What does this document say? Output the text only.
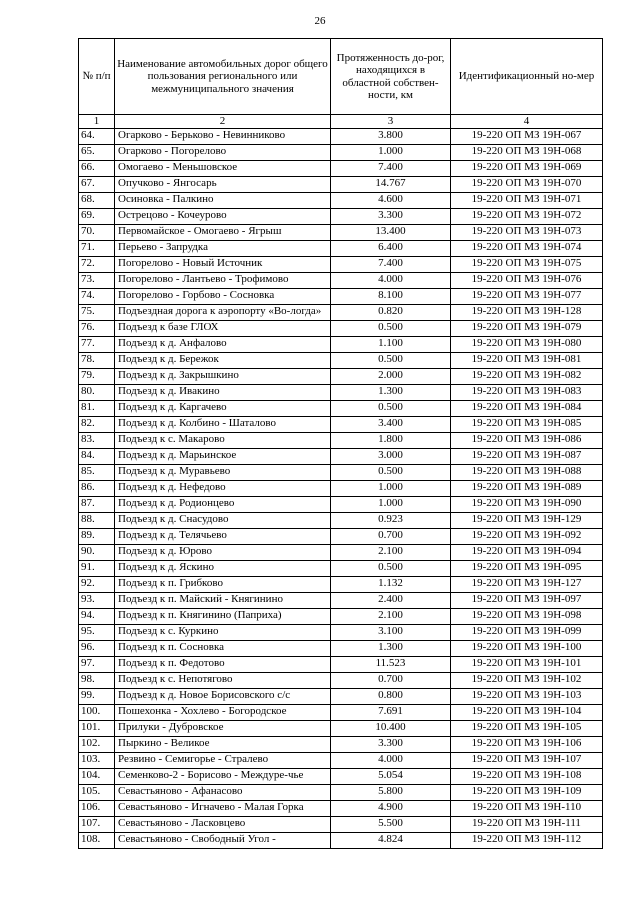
26
№ п/п	Наименование автомобильных дорог общего пользования регионального или межмуниципального значения	Протяженность до-рог, находящихся в областной собствен-ности, км	Идентификационный но-мер
1	2	3	4
64.	Огарково - Берьково - Невинниково	3.800	19-220 ОП МЗ 19Н-067
65.	Огарково - Погорелово	1.000	19-220 ОП МЗ 19Н-068
66.	Омогаево - Меньшовское	7.400	19-220 ОП МЗ 19Н-069
67.	Опучково - Янгосарь	14.767	19-220 ОП МЗ 19Н-070
68.	Осиновка - Палкино	4.600	19-220 ОП МЗ 19Н-071
69.	Острецово - Кочеурово	3.300	19-220 ОП МЗ 19Н-072
70.	Первомайское - Омогаево - Ягрыш	13.400	19-220 ОП МЗ 19Н-073
71.	Перьево - Запрудка	6.400	19-220 ОП МЗ 19Н-074
72.	Погорелово - Новый Источник	7.400	19-220 ОП МЗ 19Н-075
73.	Погорелово - Лантьево - Трофимово	4.000	19-220 ОП МЗ 19Н-076
74.	Погорелово - Горбово - Сосновка	8.100	19-220 ОП МЗ 19Н-077
75.	Подъездная дорога к аэропорту «Во-логда»	0.820	19-220 ОП МЗ 19Н-128
76.	Подъезд к базе ГЛОХ	0.500	19-220 ОП МЗ 19Н-079
77.	Подъезд к д. Анфалово	1.100	19-220 ОП МЗ 19Н-080
78.	Подъезд к д. Бережок	0.500	19-220 ОП МЗ 19Н-081
79.	Подъезд к д. Закрышкино	2.000	19-220 ОП МЗ 19Н-082
80.	Подъезд к д. Ивакино	1.300	19-220 ОП МЗ 19Н-083
81.	Подъезд к д. Каргачево	0.500	19-220 ОП МЗ 19Н-084
82.	Подъезд к д. Колбино - Шаталово	3.400	19-220 ОП МЗ 19Н-085
83.	Подъезд к с. Макарово	1.800	19-220 ОП МЗ 19Н-086
84.	Подъезд к д. Марьинское	3.000	19-220 ОП МЗ 19Н-087
85.	Подъезд к д. Муравьево	0.500	19-220 ОП МЗ 19Н-088
86.	Подъезд к д. Нефедово	1.000	19-220 ОП МЗ 19Н-089
87.	Подъезд к д. Родионцево	1.000	19-220 ОП МЗ 19Н-090
88.	Подъезд к д. Снасудово	0.923	19-220 ОП МЗ 19Н-129
89.	Подъезд к д. Телячьево	0.700	19-220 ОП МЗ 19Н-092
90.	Подъезд к д. Юрово	2.100	19-220 ОП МЗ 19Н-094
91.	Подъезд к д. Яскино	0.500	19-220 ОП МЗ 19Н-095
92.	Подъезд к п. Грибково	1.132	19-220 ОП МЗ 19Н-127
93.	Подъезд к п. Майский - Княгинино	2.400	19-220 ОП МЗ 19Н-097
94.	Подъезд к п. Княгинино (Паприха)	2.100	19-220 ОП МЗ 19Н-098
95.	Подъезд к с. Куркино	3.100	19-220 ОП МЗ 19Н-099
96.	Подъезд к п. Сосновка	1.300	19-220 ОП МЗ 19Н-100
97.	Подъезд к п. Федотово	11.523	19-220 ОП МЗ 19Н-101
98.	Подъезд к с. Непотягово	0.700	19-220 ОП МЗ 19Н-102
99.	Подъезд к д. Новое Борисовского с/с	0.800	19-220 ОП МЗ 19Н-103
100.	Пошехонка - Хохлево - Богородское	7.691	19-220 ОП МЗ 19Н-104
101.	Прилуки - Дубровское	10.400	19-220 ОП МЗ 19Н-105
102.	Пыркино - Великое	3.300	19-220 ОП МЗ 19Н-106
103.	Резвино - Семигорье - Стралево	4.000	19-220 ОП МЗ 19Н-107
104.	Семенково-2 - Борисово - Междуре-чье	5.054	19-220 ОП МЗ 19Н-108
105.	Севастьяново - Афанасово	5.800	19-220 ОП МЗ 19Н-109
106.	Севастьяново - Игначево - Малая Горка	4.900	19-220 ОП МЗ 19Н-110
107.	Севастьяново - Ласковцево	5.500	19-220 ОП МЗ 19Н-111
108.	Севастьяново - Свободный Угол -	4.824	19-220 ОП МЗ 19Н-112
